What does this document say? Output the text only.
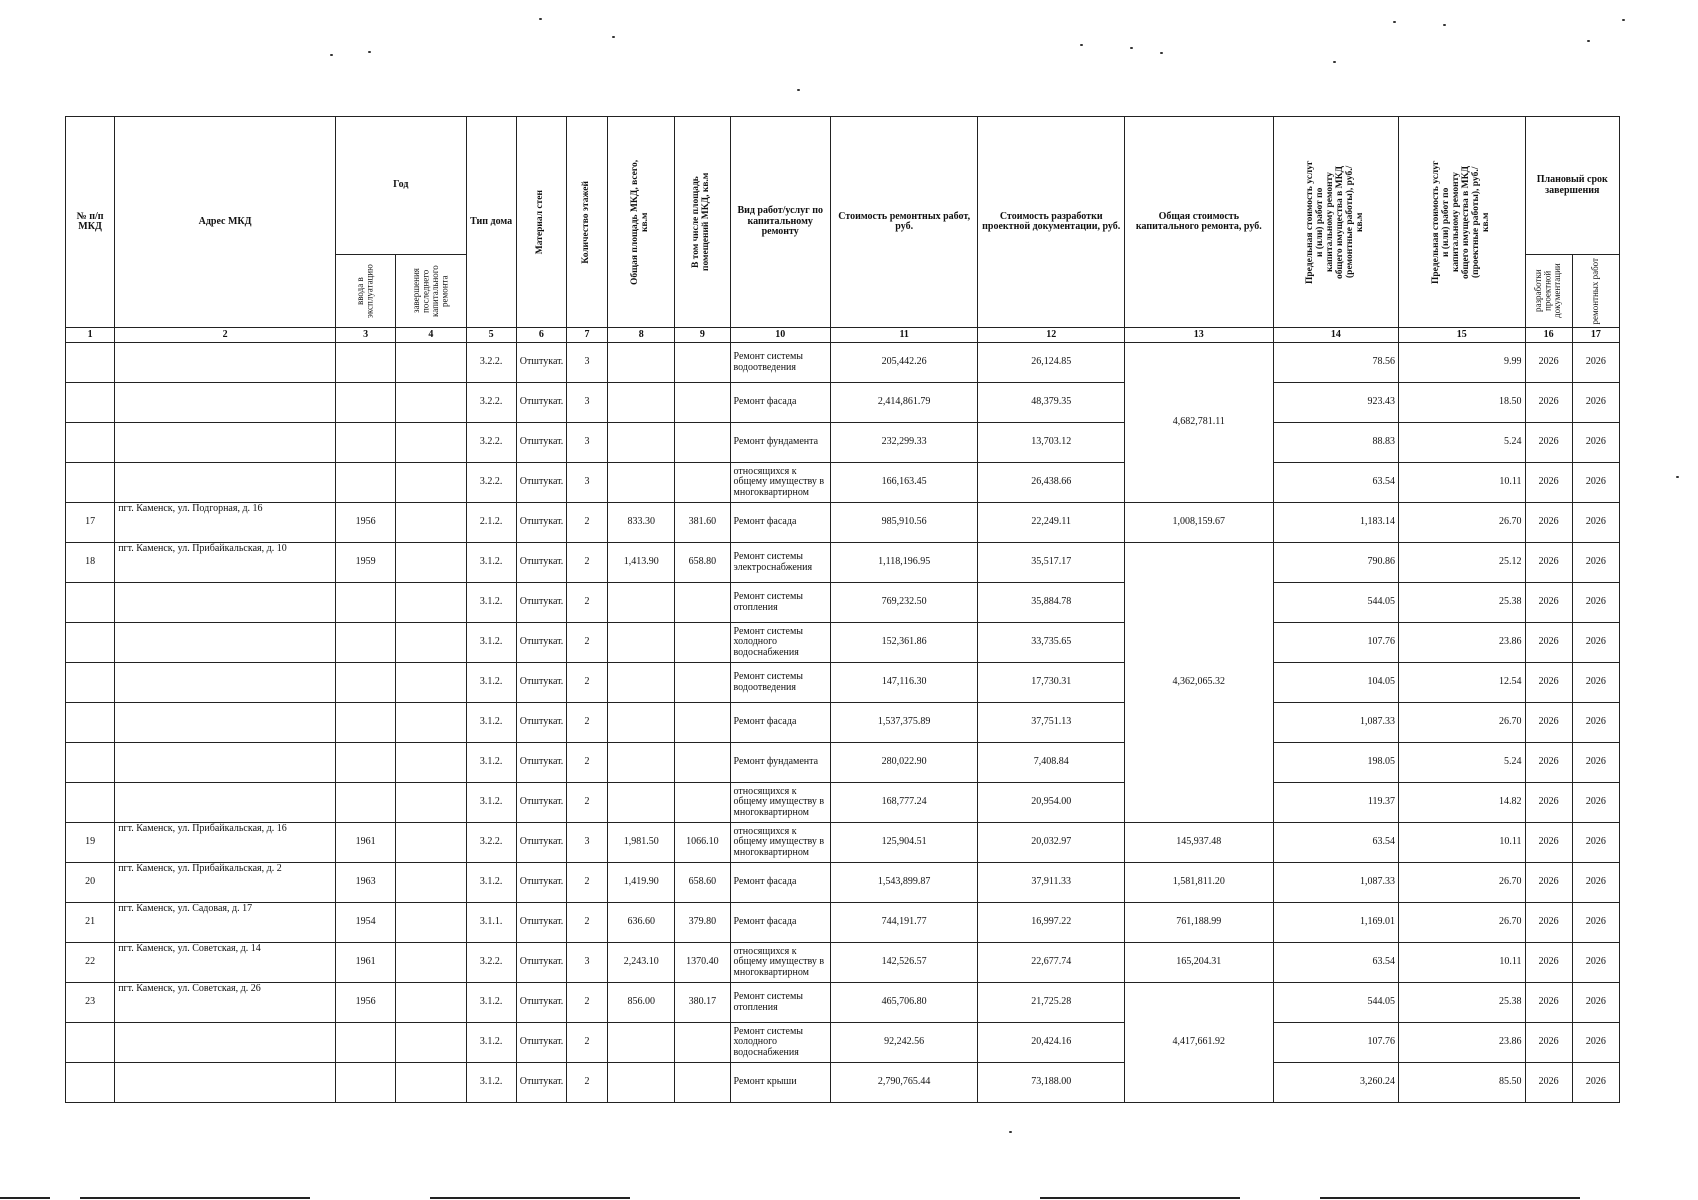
№ п/п МКД	Адрес МКД	Год		Тип дома	Материал стен	Количество этажей	Общая площадь МКД, всего, кв.м	В том числе площадь помещений МКД, кв.м	Вид работ/услуг по капитальному ремонту	Стоимость ремонтных работ, руб.	Стоимость разработки проектной документации, руб.	Общая стоимость капитального ремонта, руб.	Предельная стоимость услуг и (или) работ по капитальному ремонту общего имущества в МКД (ремонтные работы), руб./кв.м	Предельная стоимость услуг и (или) работ по капитальному ремонту общего имущества в МКД (проектные работы), руб./кв.м	Плановый срок завершения	

		ввода в эксплуатацию	завершения последнего капитального ремонта												разработки проектной документации	ремонтных работ

1	2	3	4	5	6	7	8	9	10	11	12	13	14	15	16	17
				3.2.2.	Отштукат.	3			Ремонт системы водоотведения	205,442.26	26,124.85	4,682,781.11	78.56	9.99	2026	2026
				3.2.2.	Отштукат.	3			Ремонт фасада	2,414,861.79	48,379.35		923.43	18.50	2026	2026
				3.2.2.	Отштукат.	3			Ремонт фундамента	232,299.33	13,703.12		88.83	5.24	2026	2026
				3.2.2.	Отштукат.	3			относящихся к общему имуществу в многоквартирном	166,163.45	26,438.66		63.54	10.11	2026	2026
17	пгт. Каменск, ул. Подгорная, д. 16	1956		2.1.2.	Отштукат.	2	833.30	381.60	Ремонт фасада	985,910.56	22,249.11	1,008,159.67	1,183.14	26.70	2026	2026
18	пгт. Каменск, ул. Прибайкальская, д. 10	1959		3.1.2.	Отштукат.	2	1,413.90	658.80	Ремонт системы электроснабжения	1,118,196.95	35,517.17	4,362,065.32	790.86	25.12	2026	2026
				3.1.2.	Отштукат.	2			Ремонт системы отопления	769,232.50	35,884.78		544.05	25.38	2026	2026
				3.1.2.	Отштукат.	2			Ремонт системы холодного водоснабжения	152,361.86	33,735.65		107.76	23.86	2026	2026
				3.1.2.	Отштукат.	2			Ремонт системы водоотведения	147,116.30	17,730.31		104.05	12.54	2026	2026
				3.1.2.	Отштукат.	2			Ремонт фасада	1,537,375.89	37,751.13		1,087.33	26.70	2026	2026
				3.1.2.	Отштукат.	2			Ремонт фундамента	280,022.90	7,408.84		198.05	5.24	2026	2026
				3.1.2.	Отштукат.	2			относящихся к общему имуществу в многоквартирном	168,777.24	20,954.00		119.37	14.82	2026	2026
19	пгт. Каменск, ул. Прибайкальская, д. 16	1961		3.2.2.	Отштукат.	3	1,981.50	1066.10	относящихся к общему имуществу в многоквартирном	125,904.51	20,032.97	145,937.48	63.54	10.11	2026	2026
20	пгт. Каменск, ул. Прибайкальская, д. 2	1963		3.1.2.	Отштукат.	2	1,419.90	658.60	Ремонт фасада	1,543,899.87	37,911.33	1,581,811.20	1,087.33	26.70	2026	2026
21	пгт. Каменск, ул. Садовая, д. 17	1954		3.1.1.	Отштукат.	2	636.60	379.80	Ремонт фасада	744,191.77	16,997.22	761,188.99	1,169.01	26.70	2026	2026
22	пгт. Каменск, ул. Советская, д. 14	1961		3.2.2.	Отштукат.	3	2,243.10	1370.40	относящихся к общему имуществу в многоквартирном	142,526.57	22,677.74	165,204.31	63.54	10.11	2026	2026
23	пгт. Каменск, ул. Советская, д. 26	1956		3.1.2.	Отштукат.	2	856.00	380.17	Ремонт системы отопления	465,706.80	21,725.28	4,417,661.92	544.05	25.38	2026	2026
				3.1.2.	Отштукат.	2			Ремонт системы холодного водоснабжения	92,242.56	20,424.16		107.76	23.86	2026	2026
				3.1.2.	Отштукат.	2			Ремонт крыши	2,790,765.44	73,188.00		3,260.24	85.50	2026	2026
